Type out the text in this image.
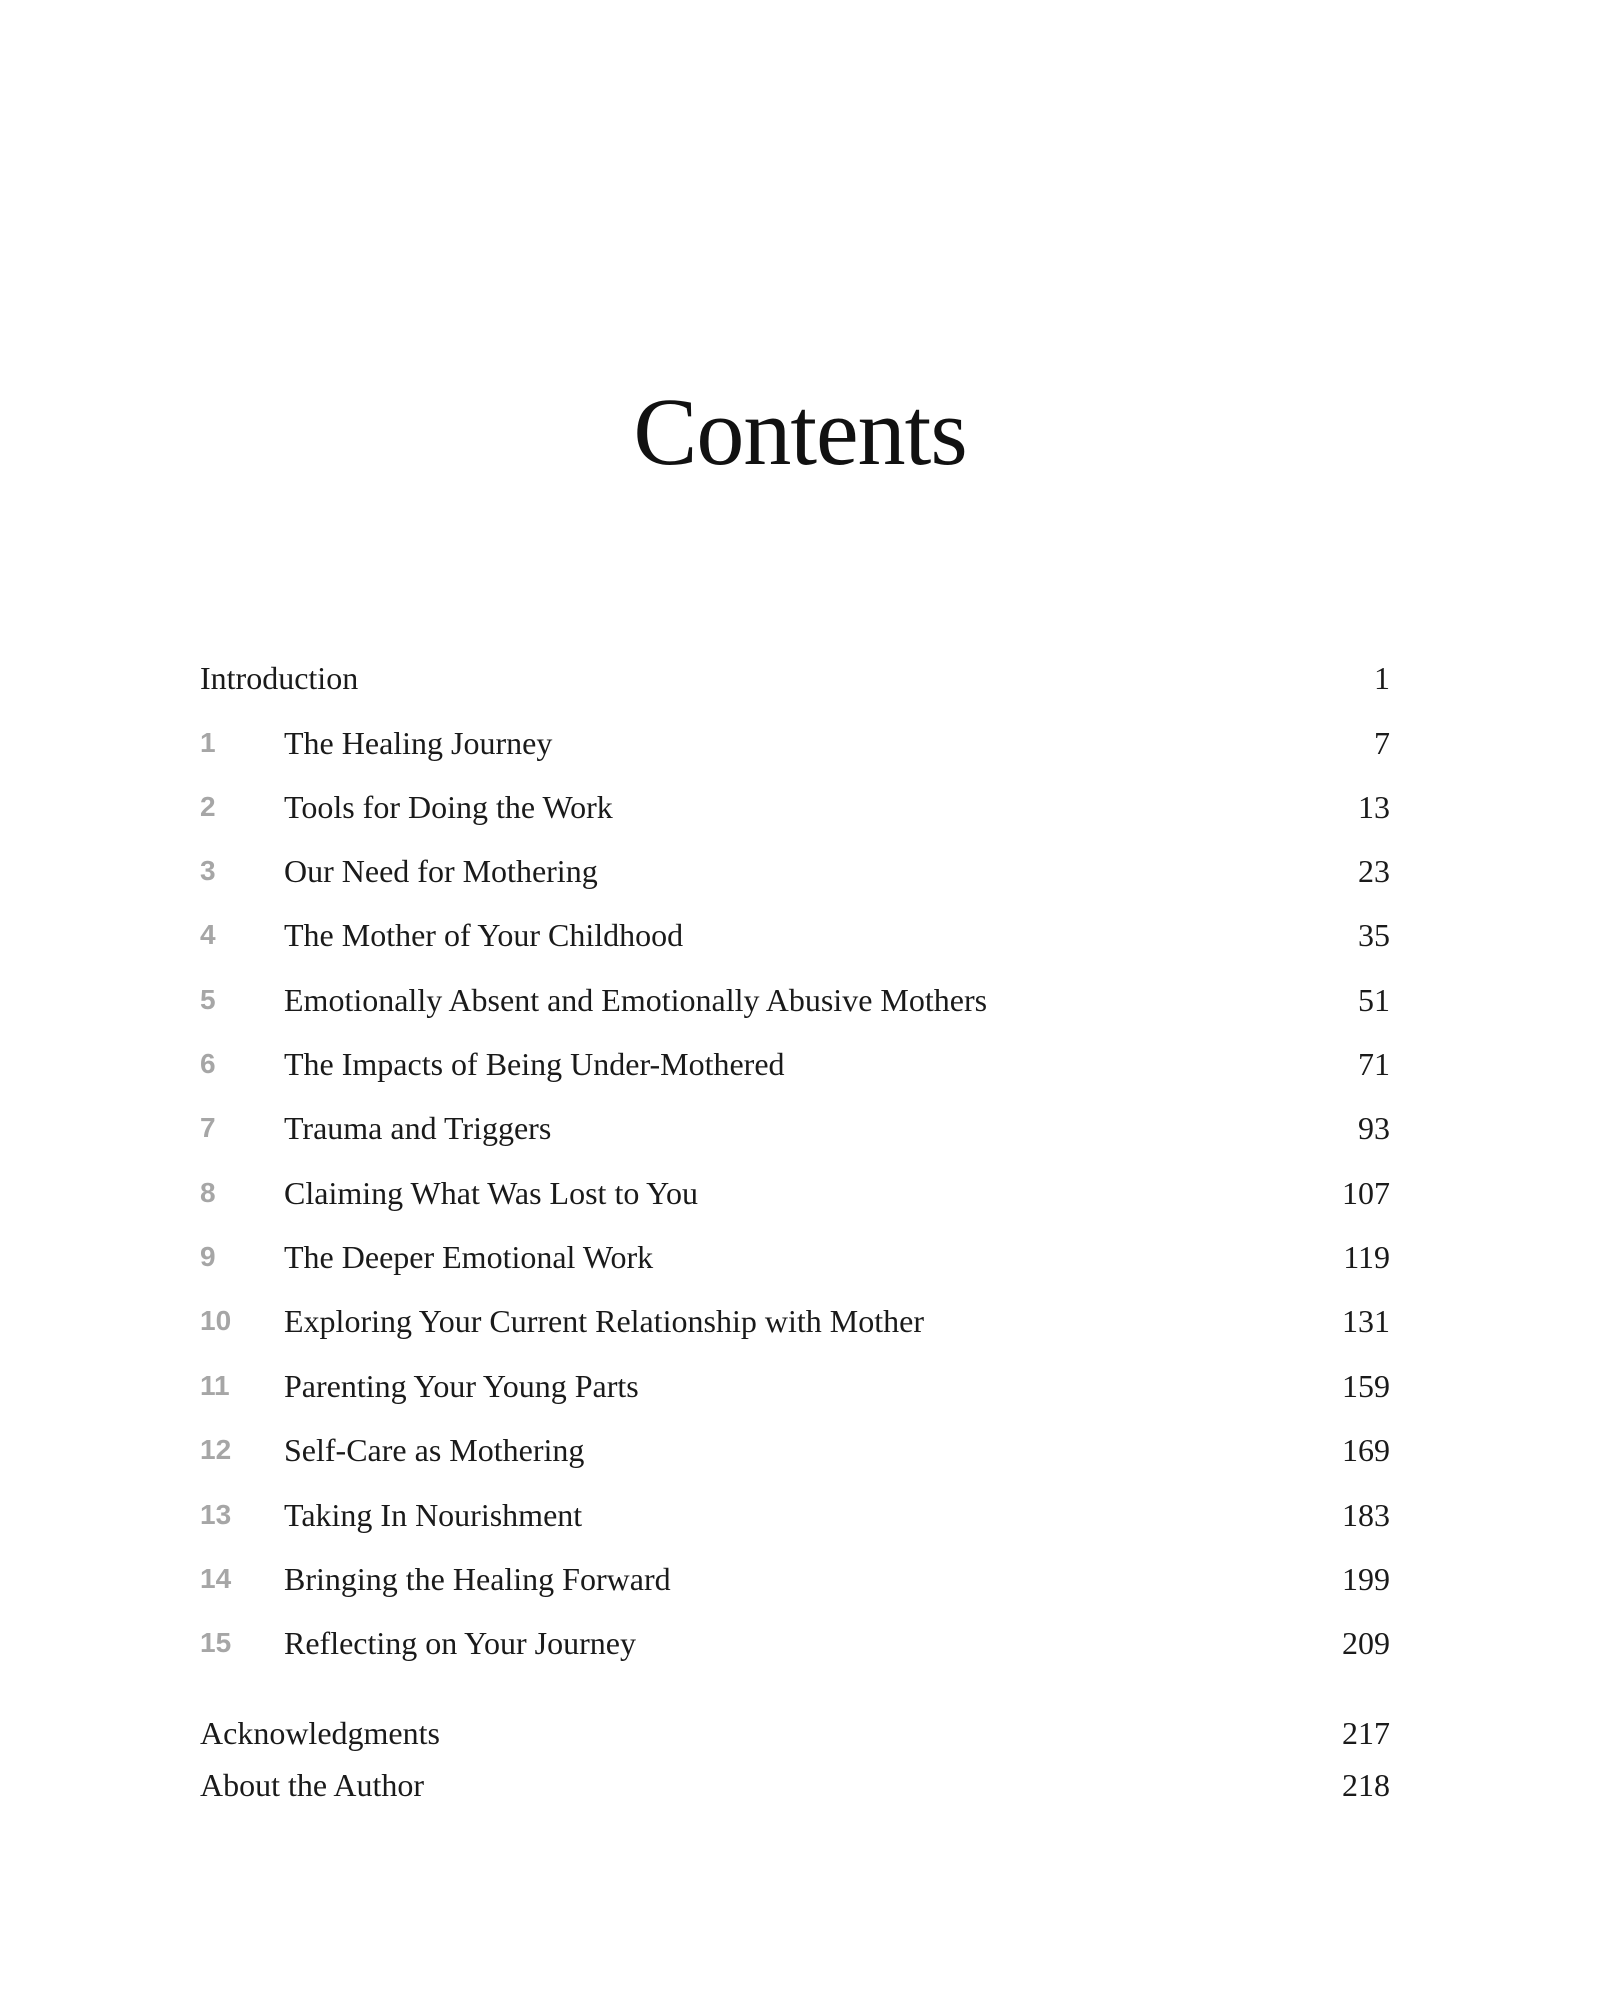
Contents
Introduction	1
1 The Healing Journey	7
2 Tools for Doing the Work	13
3 Our Need for Mothering	23
4 The Mother of Your Childhood	35
5 Emotionally Absent and Emotionally Abusive Mothers	51
6 The Impacts of Being Under-Mothered	71
7 Trauma and Triggers	93
8 Claiming What Was Lost to You	107
9 The Deeper Emotional Work	119
10 Exploring Your Current Relationship with Mother	131
11 Parenting Your Young Parts	159
12 Self-Care as Mothering	169
13 Taking In Nourishment	183
14 Bringing the Healing Forward	199
15 Reflecting on Your Journey	209
Acknowledgments	217
About the Author	218
